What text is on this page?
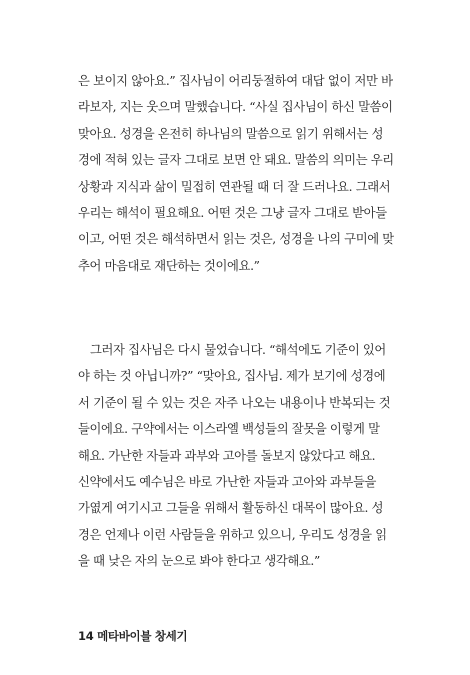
은 보이지 않아요.” 집사님이 어리둥절하여 대답 없이 저만 바
라보자, 지는 웃으며 말했습니다. “사실 집사님이 하신 말씀이
맞아요. 성경을 온전히 하나님의 말씀으로 읽기 위해서는 성
경에 적혀 있는 글자 그대로 보면 안 돼요. 말씀의 의미는 우리
상황과 지식과 삶이 밀접히 연관될 때 더 잘 드러나요. 그래서
우리는 해석이 필요해요. 어떤 것은 그냥 글자 그대로 받아들
이고, 어떤 것은 해석하면서 읽는 것은, 성경을 나의 구미에 맞
추어 마음대로 재단하는 것이에요.”
　그러자 집사님은 다시 물었습니다. “해석에도 기준이 있어
야 하는 것 아닙니까?” “맞아요, 집사님. 제가 보기에 성경에
서 기준이 될 수 있는 것은 자주 나오는 내용이나 반복되는 것
들이에요. 구약에서는 이스라엘 백성들의 잘못을 이렇게 말
해요. 가난한 자들과 과부와 고아를 돌보지 않았다고 해요.
신약에서도 예수님은 바로 가난한 자들과 고아와 과부들을
가엾게 여기시고 그들을 위해서 활동하신 대목이 많아요. 성
경은 언제나 이런 사람들을 위하고 있으니, 우리도 성경을 읽
을 때 낮은 자의 눈으로 봐야 한다고 생각해요.”
14 메타바이블 창세기
